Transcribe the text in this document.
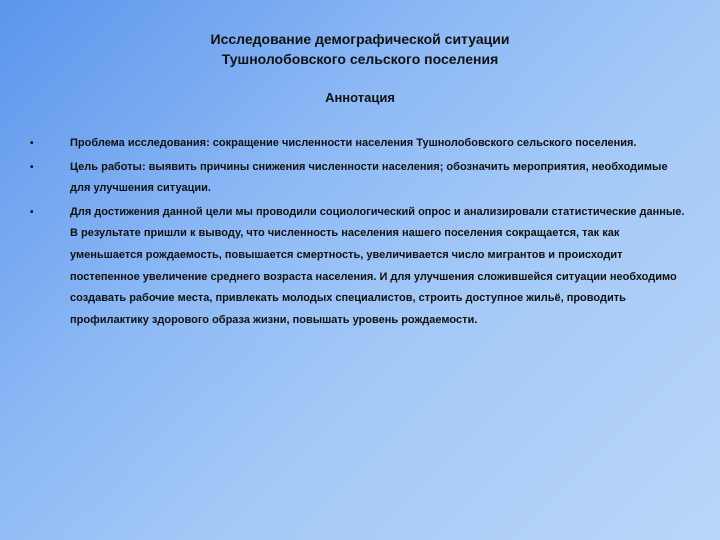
Исследование демографической ситуации
Тушнолобовского сельского поселения
Аннотация
•	Проблема исследования: сокращение численности населения Тушнолобовского сельского поселения.
•	Цель работы: выявить причины снижения численности населения; обозначить мероприятия, необходимые для улучшения ситуации.
•	Для достижения данной цели мы проводили социологический опрос и анализировали статистические данные. В результате пришли к выводу, что численность населения нашего поселения сокращается, так как уменьшается рождаемость, повышается смертность, увеличивается число мигрантов и происходит постепенное увеличение среднего возраста населения. И для улучшения сложившейся ситуации необходимо создавать рабочие места, привлекать молодых специалистов, строить доступное жильё, проводить профилактику здорового образа жизни, повышать уровень рождаемости.
